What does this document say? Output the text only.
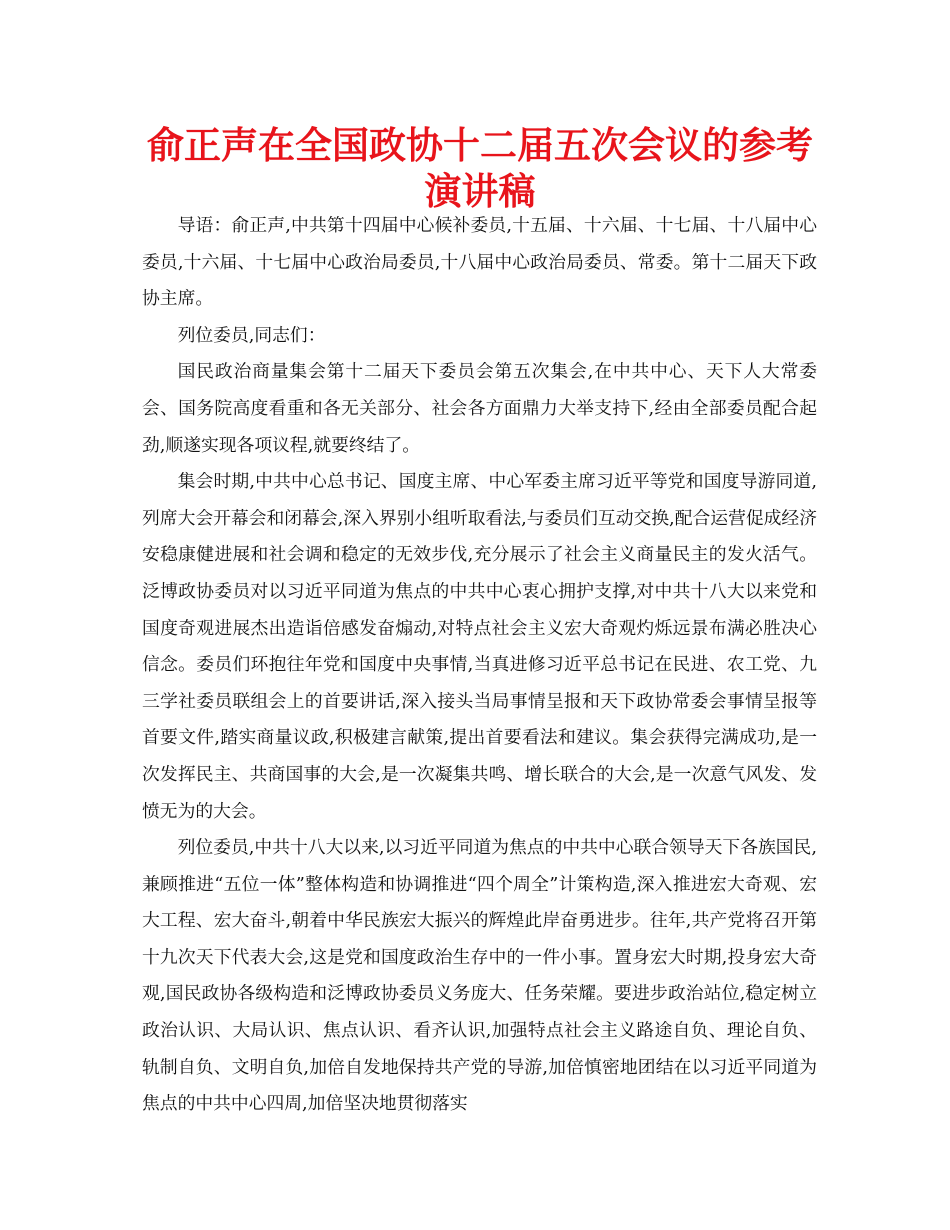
俞正声在全国政协十二届五次会议的参考
演讲稿

导语：俞正声,中共第十四届中心候补委员,十五届、十六届、十七届、十八届中心委员,十六届、十七届中心政治局委员,十八届中心政治局委员、常委。第十二届天下政协主席。

列位委员,同志们：

国民政治商量集会第十二届天下委员会第五次集会,在中共中心、天下人大常委会、国务院高度看重和各无关部分、社会各方面鼎力大举支持下,经由全部委员配合起劲,顺遂实现各项议程,就要终结了。

集会时期,中共中心总书记、国度主席、中心军委主席习近平等党和国度导游同道,列席大会开幕会和闭幕会,深入界别小组听取看法,与委员们互动交换,配合运营促成经济安稳康健进展和社会调和稳定的无效步伐,充分展示了社会主义商量民主的发火活气。泛博政协委员对以习近平同道为焦点的中共中心衷心拥护支撑,对中共十八大以来党和国度奇观进展杰出造诣倍感发奋煽动,对特点社会主义宏大奇观灼烁远景布满必胜决心信念。委员们环抱往年党和国度中央事情,当真进修习近平总书记在民进、农工党、九三学社委员联组会上的首要讲话,深入接头当局事情呈报和天下政协常委会事情呈报等首要文件,踏实商量议政,积极建言献策,提出首要看法和建议。集会获得完满成功,是一次发挥民主、共商国事的大会,是一次凝集共鸣、增长联合的大会,是一次意气风发、发愤无为的大会。

列位委员,中共十八大以来,以习近平同道为焦点的中共中心联合领导天下各族国民,兼顾推进“五位一体”整体构造和协调推进“四个周全”计策构造,深入推进宏大奇观、宏大工程、宏大奋斗,朝着中华民族宏大振兴的辉煌此岸奋勇进步。往年,共产党将召开第十九次天下代表大会,这是党和国度政治生存中的一件小事。置身宏大时期,投身宏大奇观,国民政协各级构造和泛博政协委员义务庞大、任务荣耀。要进步政治站位,稳定树立政治认识、大局认识、焦点认识、看齐认识,加强特点社会主义路途自负、理论自负、轨制自负、文明自负,加倍自发地保持共产党的导游,加倍慎密地团结在以习近平同道为焦点的中共中心四周,加倍坚决地贯彻落实
